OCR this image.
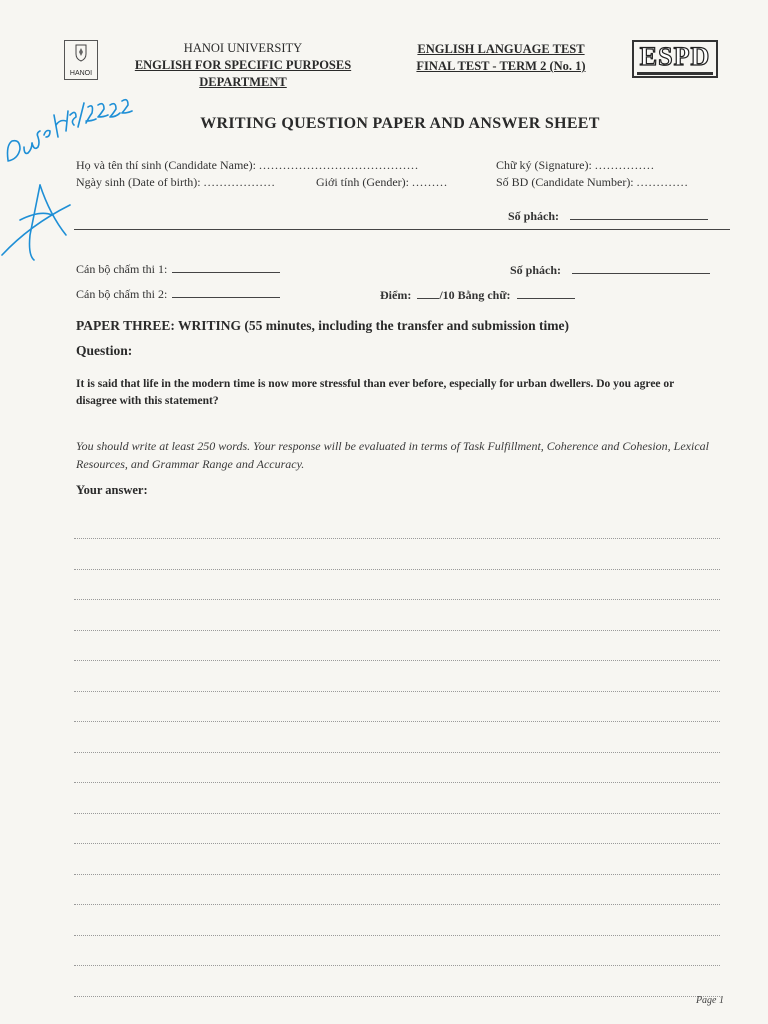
HANOI
HANOI UNIVERSITY
ENGLISH FOR SPECIFIC PURPOSES
DEPARTMENT
ENGLISH LANGUAGE TEST
FINAL TEST - TERM 2 (No. 1)	ESPD
WRITING QUESTION PAPER AND ANSWER SHEET
Họ và tên thí sinh (Candidate Name): ........................................	Chữ ký (Signature): ...............
Ngày sinh (Date of birth): ..................	Giới tính (Gender): .........	Số BD (Candidate Number): .............
Số phách:
Cán bộ chấm thi 1:	Số phách:
Cán bộ chấm thi 2:	Điểm: /10 Bằng chữ:
PAPER THREE: WRITING (55 minutes, including the transfer and submission time)
Question:
It is said that life in the modern time is now more stressful than ever before, especially for urban dwellers. Do you agree or disagree with this statement?
You should write at least 250 words. Your response will be evaluated in terms of Task Fulfillment, Coherence and Cohesion, Lexical Resources, and Grammar Range and Accuracy.
Your answer:
Page 1
